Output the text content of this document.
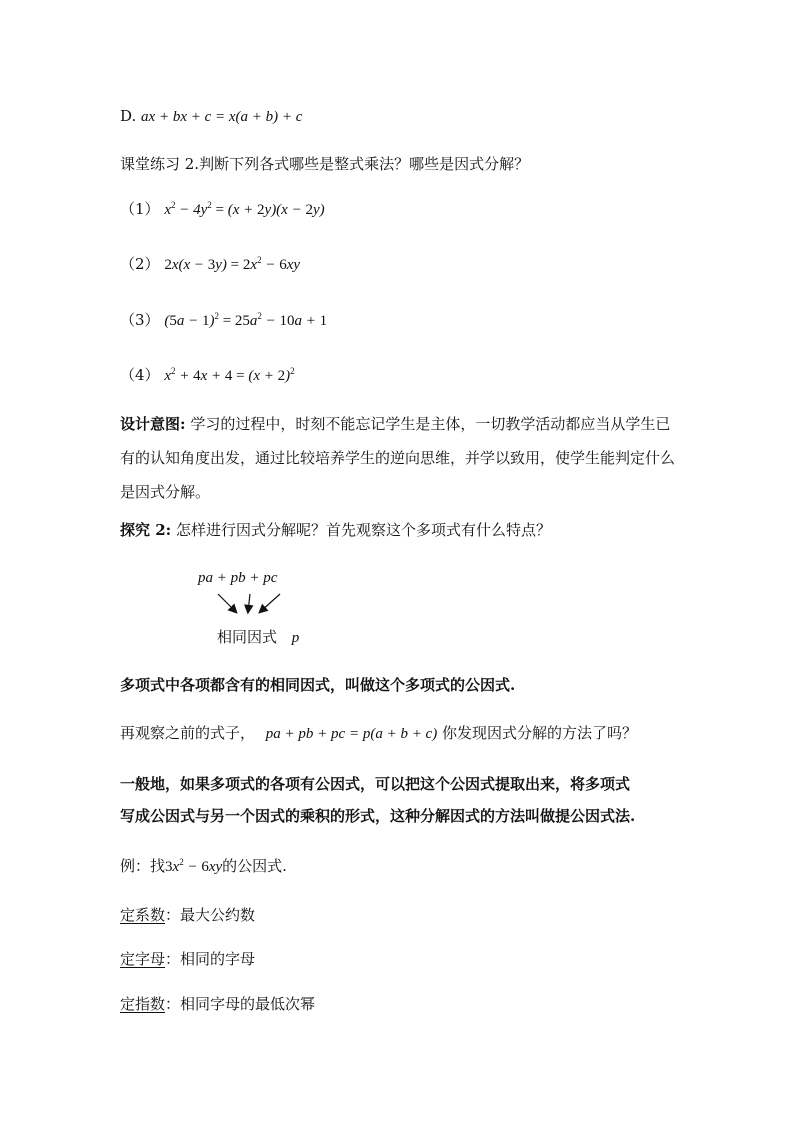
D. ax + bx + c = x(a + b) + c
课堂练习 2.判断下列各式哪些是整式乘法？哪些是因式分解？
（1） $x^2 - 4y^2 = (x + 2y)(x - 2y)$
（2） $2x(x - 3y) = 2x^2 - 6xy$
（3） $(5a - 1)^2 = 25a^2 - 10a + 1$
（4） $x^2 + 4x + 4 = (x + 2)^2$
设计意图: 学习的过程中，时刻不能忘记学生是主体，一切教学活动都应当从学生已有的认知角度出发，通过比较培养学生的逆向思维，并学以致用，使学生能判定什么是因式分解。
探究 2: 怎样进行因式分解呢？首先观察这个多项式有什么特点？
pa + pb + pc
相同因式 p
多项式中各项都含有的相同因式，叫做这个多项式的公因式.
再观察之前的式子， pa + pb + pc = p(a + b + c) 你发现因式分解的方法了吗？
一般地，如果多项式的各项有公因式，可以把这个公因式提取出来，将多项式
写成公因式与另一个因式的乘积的形式，这种分解因式的方法叫做提公因式法.
例：找$3x^2 - 6xy$的公因式.
定系数：最大公约数
定字母：相同的字母
定指数：相同字母的最低次幂
